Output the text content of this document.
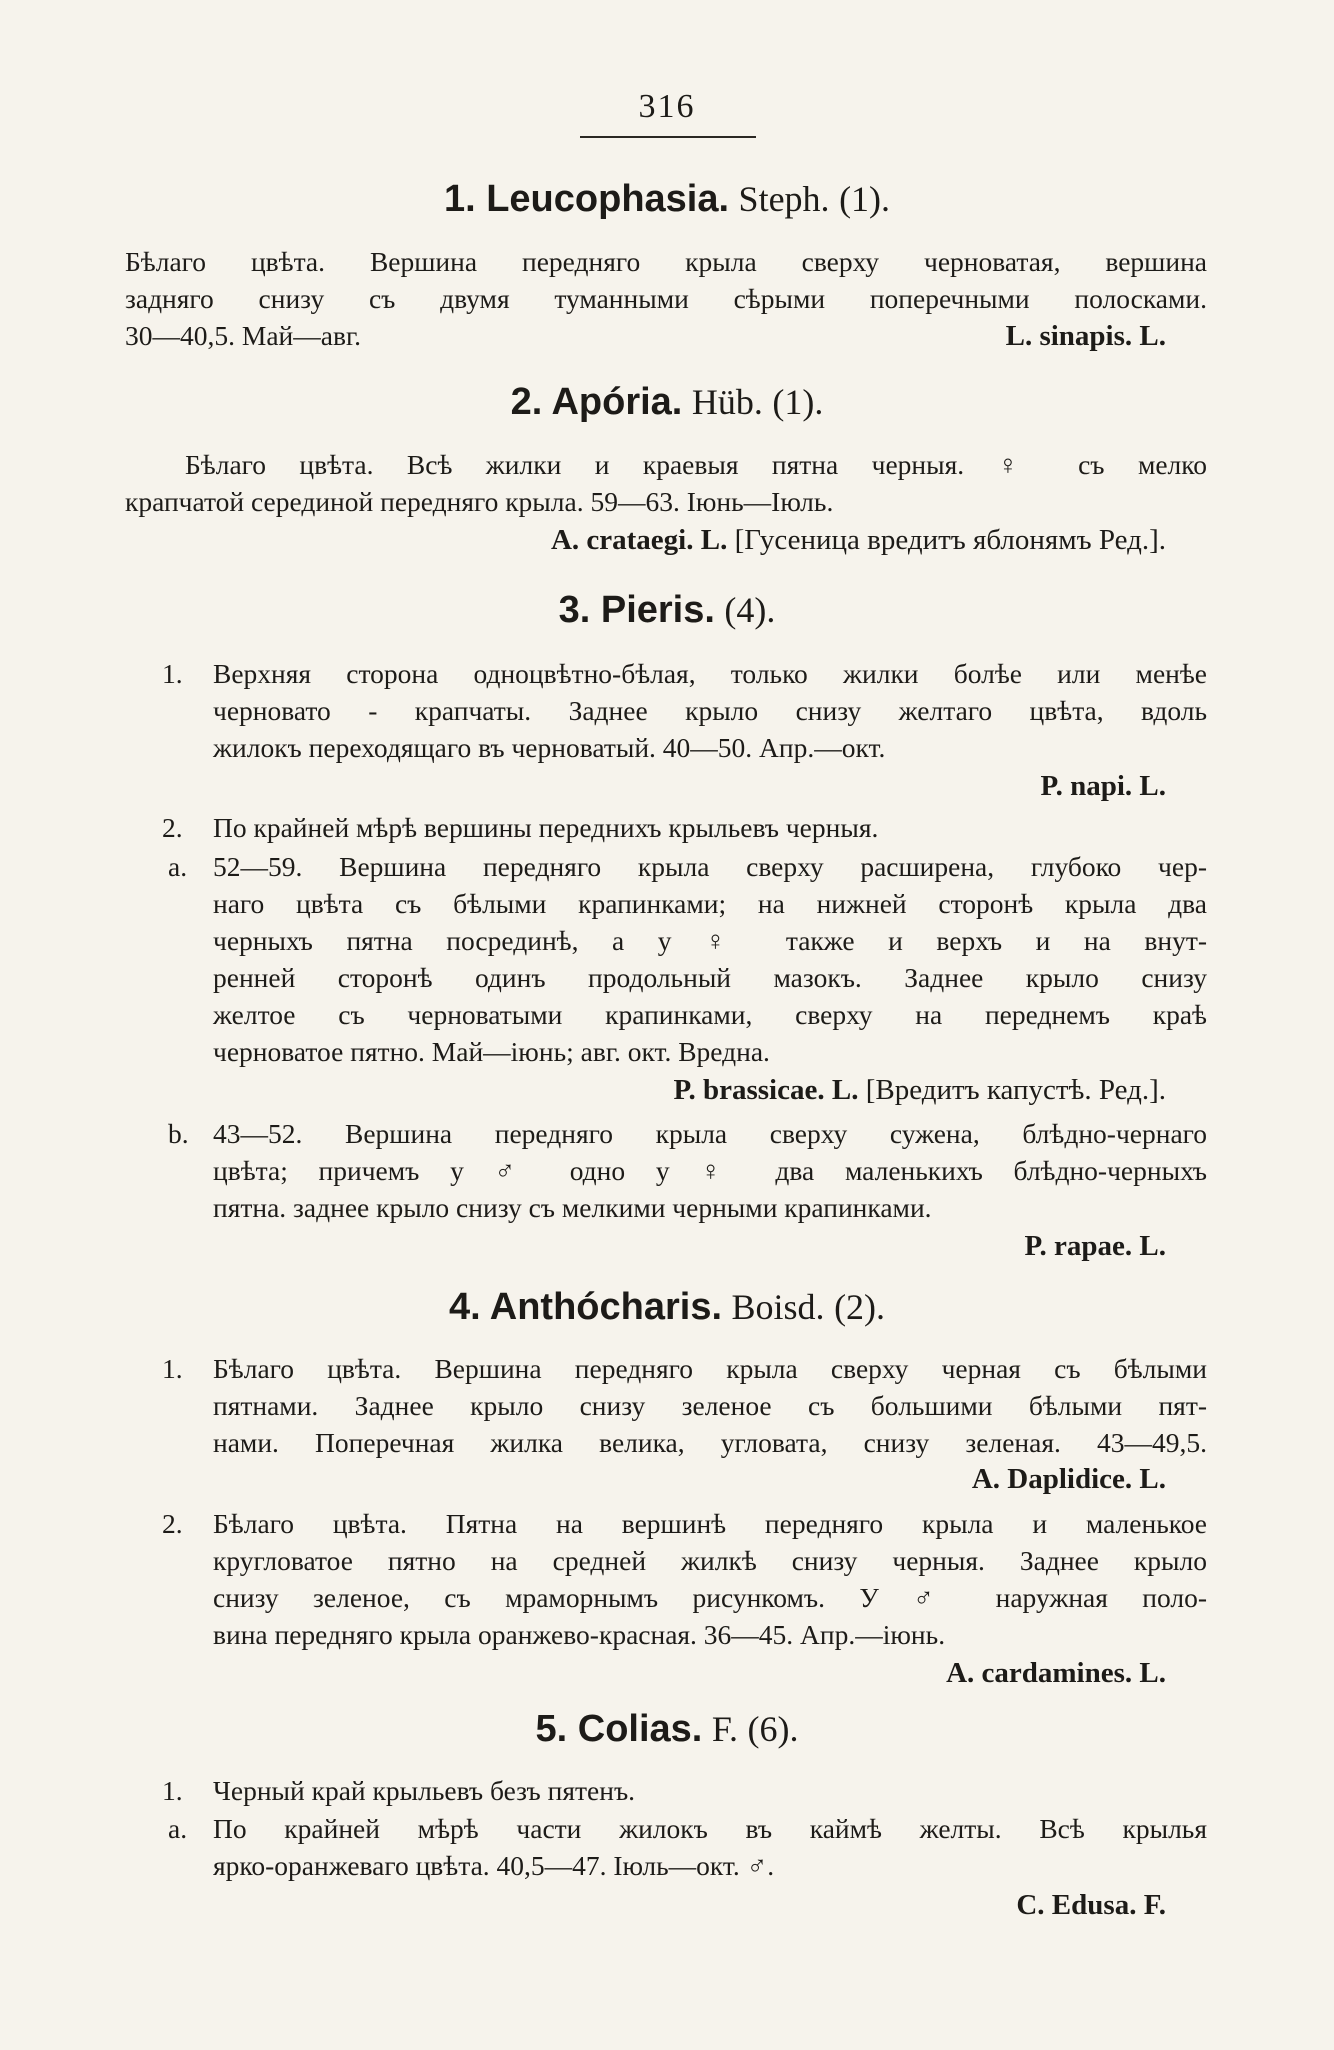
316
1. Leucophasia. Steph. (1).
Бѣлаго цвѣта. Вершина передняго крыла сверху черноватая, вершина
задняго снизу съ двумя туманными сѣрыми поперечными полосками.
30—40,5. Май—авг.	L. sinapis. L.
2. Apória. Hüb. (1).
Бѣлаго цвѣта. Всѣ жилки и краевыя пятна черныя. ♀ съ мелко
крапчатой серединой передняго крыла. 59—63. Іюнь—Іюль.
A. crataegi. L. [Гусеница вредитъ яблонямъ Ред.].
3. Pieris. (4).
1. Верхняя сторона одноцвѣтно-бѣлая, только жилки болѣе или менѣе
черновато - крапчаты. Заднее крыло снизу желтаго цвѣта, вдоль
жилокъ переходящаго въ черноватый. 40—50. Апр.—окт.
P. napi. L.
2. По крайней мѣрѣ вершины переднихъ крыльевъ черныя.
a. 52—59. Вершина передняго крыла сверху расширена, глубоко чер-
наго цвѣта съ бѣлыми крапинками; на нижней сторонѣ крыла два
черныхъ пятна посрединѣ, а у ♀ также и верхъ и на внут-
ренней сторонѣ одинъ продольный мазокъ. Заднее крыло снизу
желтое съ черноватыми крапинками, сверху на переднемъ краѣ
черноватое пятно. Май—іюнь; авг. окт. Вредна.
P. brassicae. L. [Вредитъ капустѣ. Ред.].
b. 43—52. Вершина передняго крыла сверху сужена, блѣдно-чернаго
цвѣта; причемъ у ♂ одно у ♀ два маленькихъ блѣдно-черныхъ
пятна. заднее крыло снизу съ мелкими черными крапинками.
P. rapae. L.
4. Anthócharis. Boisd. (2).
1. Бѣлаго цвѣта. Вершина передняго крыла сверху черная съ бѣлыми
пятнами. Заднее крыло снизу зеленое съ большими бѣлыми пят-
нами. Поперечная жилка велика, угловата, снизу зеленая. 43—49,5.
A. Daplidice. L.
2. Бѣлаго цвѣта. Пятна на вершинѣ передняго крыла и маленькое
кругловатое пятно на средней жилкѣ снизу черныя. Заднее крыло
снизу зеленое, съ мраморнымъ рисункомъ. У ♂ наружная поло-
вина передняго крыла оранжево-красная. 36—45. Апр.—іюнь.
A. cardamines. L.
5. Colias. F. (6).
1. Черный край крыльевъ безъ пятенъ.
a. По крайней мѣрѣ части жилокъ въ каймѣ желты. Всѣ крылья
ярко-оранжеваго цвѣта. 40,5—47. Іюль—окт. ♂.
C. Edusa. F.
